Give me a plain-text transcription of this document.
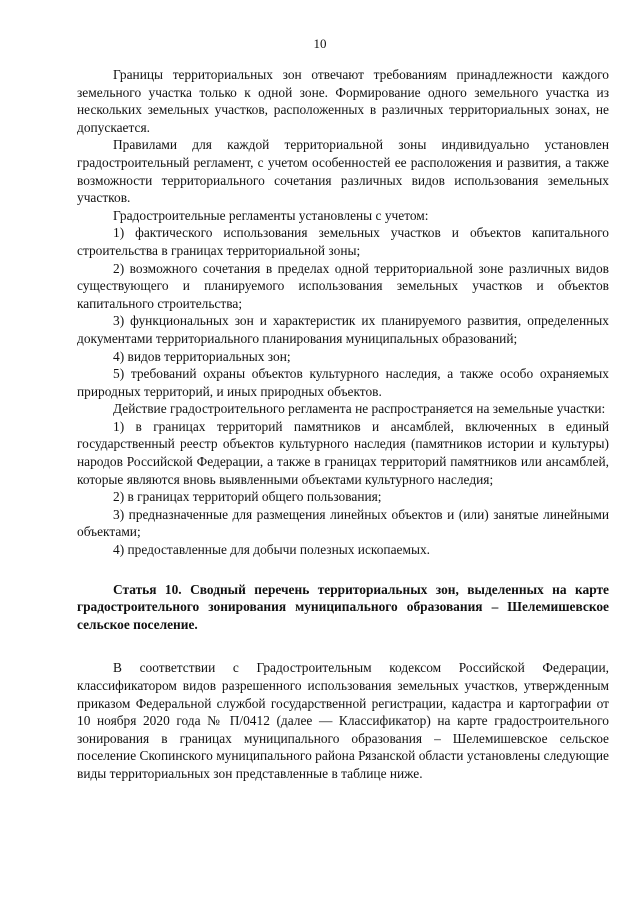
10

Границы территориальных зон отвечают требованиям принадлежности каждого земельного участка только к одной зоне. Формирование одного земельного участка из нескольких земельных участков, расположенных в различных территориальных зонах, не допускается.

Правилами для каждой территориальной зоны индивидуально установлен градостроительный регламент, с учетом особенностей ее расположения и развития, а также возможности территориального сочетания различных видов использования земельных участков.

Градостроительные регламенты установлены с учетом:

1) фактического использования земельных участков и объектов капитального строительства в границах территориальной зоны;

2) возможного сочетания в пределах одной территориальной зоне различных видов существующего и планируемого использования земельных участков и объектов капитального строительства;

3) функциональных зон и характеристик их планируемого развития, определенных документами территориального планирования муниципальных образований;

4) видов территориальных зон;

5) требований охраны объектов культурного наследия, а также особо охраняемых природных территорий, и иных природных объектов.

Действие градостроительного регламента не распространяется на земельные участки:

1) в границах территорий памятников и ансамблей, включенных в единый государственный реестр объектов культурного наследия (памятников истории и культуры) народов Российской Федерации, а также в границах территорий памятников или ансамблей, которые являются вновь выявленными объектами культурного наследия;

2) в границах территорий общего пользования;

3) предназначенные для размещения линейных объектов и (или) занятые линейными объектами;

4) предоставленные для добычи полезных ископаемых.

Статья 10. Сводный перечень территориальных зон, выделенных на карте градостроительного зонирования муниципального образования – Шелемишевское сельское поселение.

В соответствии с Градостроительным кодексом Российской Федерации, классификатором видов разрешенного использования земельных участков, утвержденным приказом Федеральной службой государственной регистрации, кадастра и картографии от 10 ноября 2020 года № П/0412 (далее — Классификатор) на карте градостроительного зонирования в границах муниципального образования – Шелемишевское сельское поселение Скопинского муниципального района Рязанской области установлены следующие виды территориальных зон представленные в таблице ниже.
